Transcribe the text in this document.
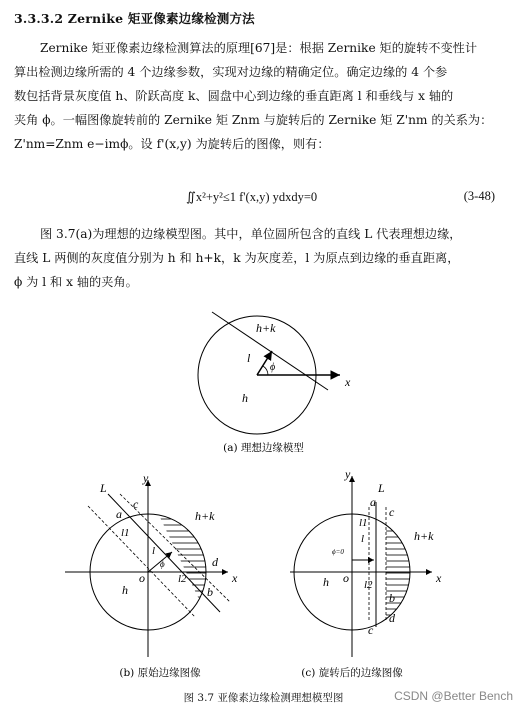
3.3.3.2 Zernike 矩亚像素边缘检测方法

Zernike 矩亚像素边缘检测算法的原理[67]是：根据 Zernike 矩的旋转不变性计

算出检测边缘所需的 4 个边缘参数，实现对边缘的精确定位。确定边缘的 4 个参

数包括背景灰度值 h、阶跃高度 k、圆盘中心到边缘的垂直距离 l 和垂线与 x 轴的

夹角 ϕ。一幅图像旋转前的 Zernike 矩 Znm 与旋转后的 Zernike 矩 Z'nm 的关系为：

Z'nm=Znm e−imϕ。设 f'(x,y) 为旋转后的图像，则有：

∬x²+y²≤1 f'(x,y) ydxdy=0	(3-48)

图 3.7(a)为理想的边缘模型图。其中，单位圆所包含的直线 L 代表理想边缘，

直线 L 两侧的灰度值分别为 h 和 h+k，k 为灰度差，l 为原点到边缘的垂直距离，

ϕ 为 l 和 x 轴的夹角。

h+k
l
ϕ
x
h
(a) 理想边缘模型
y
L
c
a	h+k
l1
l
ϕ
o
d
l2	x
h	b
(b) 原始边缘图像
y
L
a
c
l1
l	h+k
ϕ=0
o	x
h	l2
b
d
c
(c) 旋转后的边缘图像
图 3.7 亚像素边缘检测理想模型图	CSDN @Better Bench
